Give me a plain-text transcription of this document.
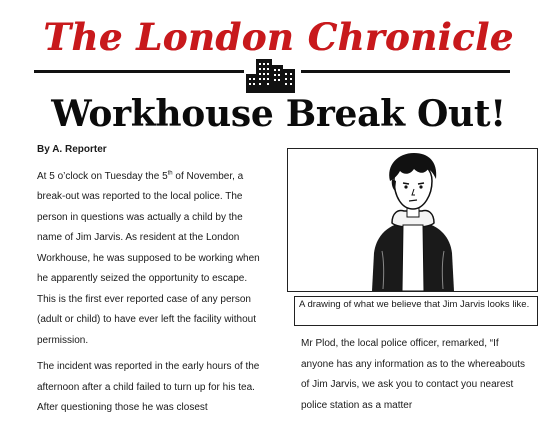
The London Chronicle
Workhouse Break Out!
By A. Reporter

At 5 o’clock on Tuesday the 5th of November, a break-out was reported to the local police. The person in questions was actually a child by the name of Jim Jarvis. As resident at the London Workhouse, he was supposed to be working when he apparently seized the opportunity to escape. This is the first ever reported case of any person (adult or child) to have ever left the facility without permission.

The incident was reported in the early hours of the afternoon after a child failed to turn up for his tea. After questioning those he was closest

A drawing of what we believe that Jim Jarvis looks like.

Mr Plod, the local police officer, remarked, “If anyone has any information as to the whereabouts of Jim Jarvis, we ask you to contact you nearest police station as a matter
